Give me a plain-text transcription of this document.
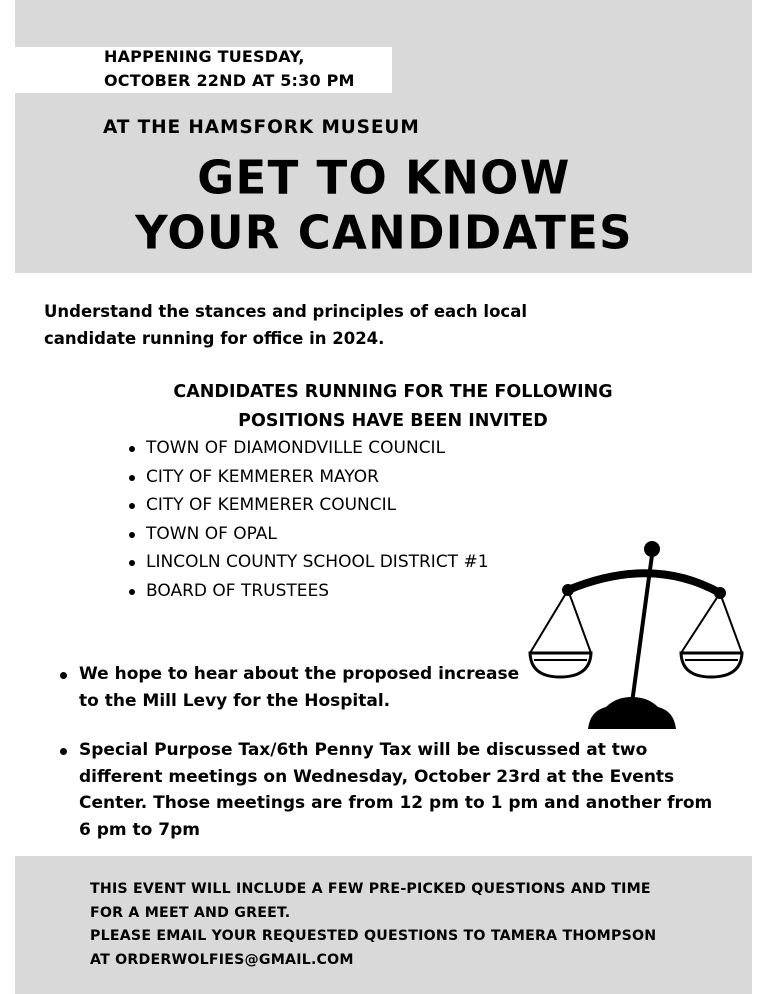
HAPPENING TUESDAY,
OCTOBER 22ND AT 5:30 PM
AT THE HAMSFORK MUSEUM
GET TO KNOW
YOUR CANDIDATES
Understand the stances and principles of each local
candidate running for office in 2024.
CANDIDATES RUNNING FOR THE FOLLOWING
POSITIONS HAVE BEEN INVITED
TOWN OF DIAMONDVILLE COUNCIL
CITY OF KEMMERER MAYOR
CITY OF KEMMERER COUNCIL
TOWN OF OPAL
LINCOLN COUNTY SCHOOL DISTRICT #1
BOARD OF TRUSTEES
We hope to hear about the proposed increase
to the Mill Levy for the Hospital.
Special Purpose Tax/6th Penny Tax will be discussed at two
different meetings on Wednesday, October 23rd at the Events
Center. Those meetings are from 12 pm to 1 pm and another from
6 pm to 7pm
THIS EVENT WILL INCLUDE A FEW PRE-PICKED QUESTIONS AND TIME
FOR A MEET AND GREET.
PLEASE EMAIL YOUR REQUESTED QUESTIONS TO TAMERA THOMPSON
AT ORDERWOLFIES@GMAIL.COM
